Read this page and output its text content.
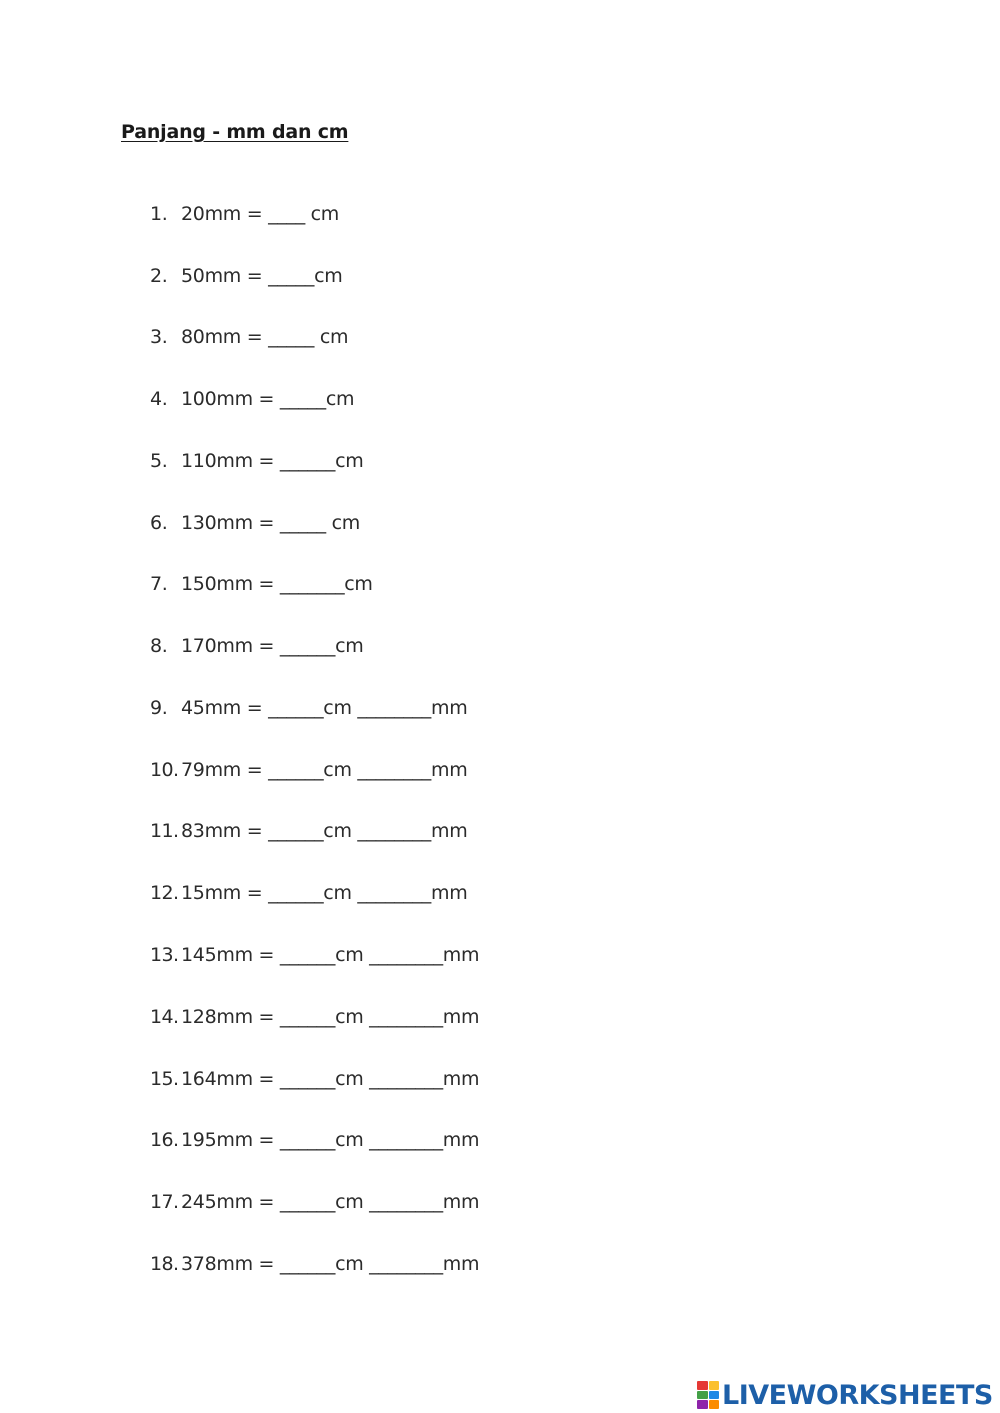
Panjang - mm dan cm
1. 20mm = ____ cm
2. 50mm = _____cm
3. 80mm = _____ cm
4. 100mm = _____cm
5. 110mm = ______cm
6. 130mm = _____ cm
7. 150mm = _______cm
8. 170mm = ______cm
9. 45mm = ______cm ________mm
10. 79mm = ______cm ________mm
11. 83mm = ______cm ________mm
12. 15mm = ______cm ________mm
13. 145mm = ______cm ________mm
14. 128mm = ______cm ________mm
15. 164mm = ______cm ________mm
16. 195mm = ______cm ________mm
17. 245mm = ______cm ________mm
18. 378mm = ______cm ________mm
LIVEWORKSHEETS
